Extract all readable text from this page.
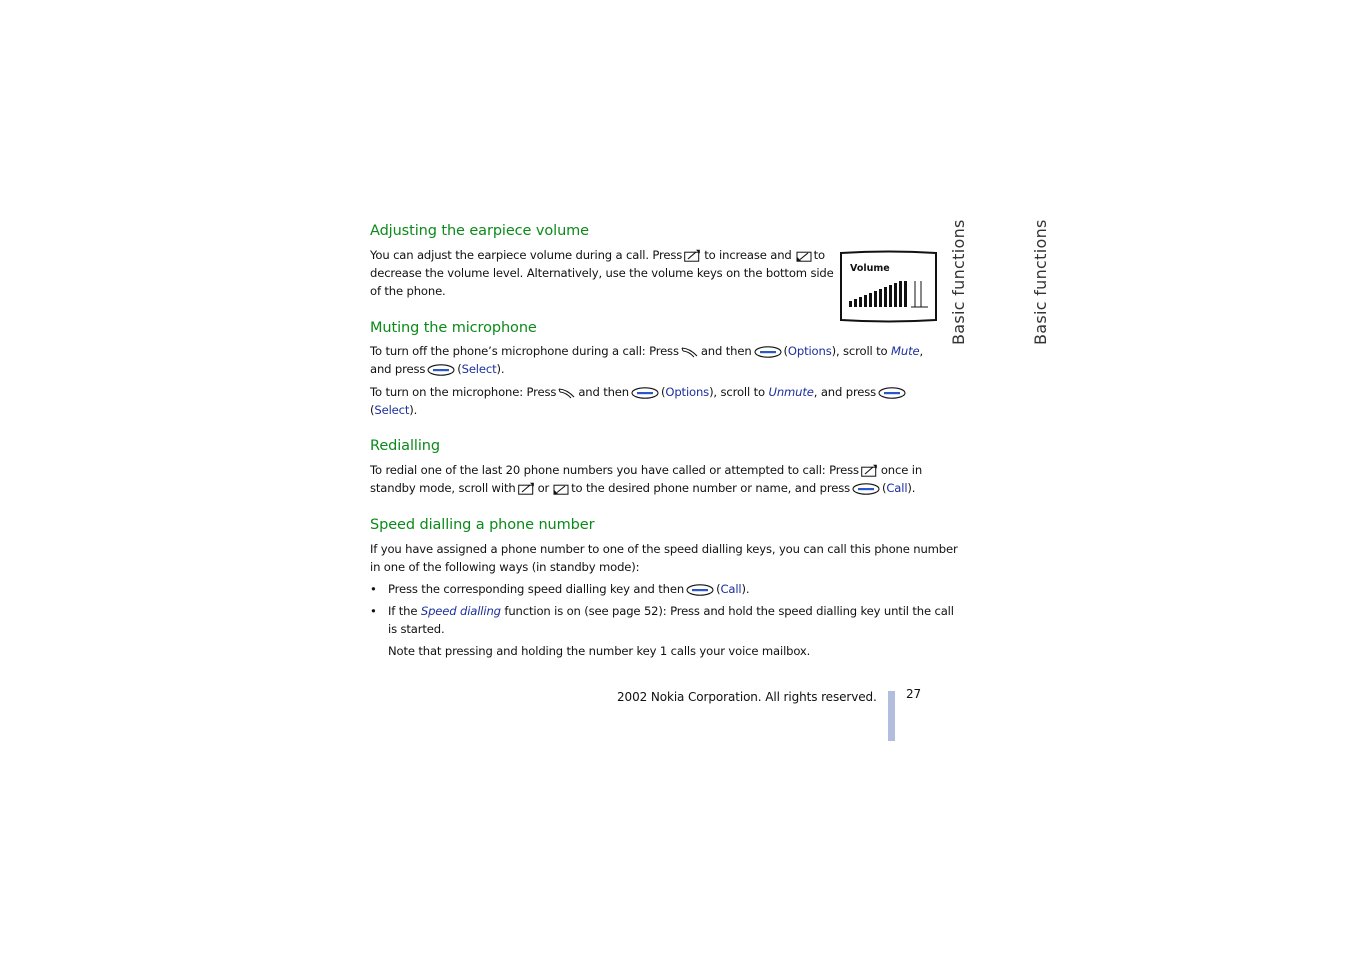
Adjusting the earpiece volume
You can adjust the earpiece volume during a call. Press to increase and to
decrease the volume level. Alternatively, use the volume keys on the bottom side
of the phone.
Volume
Muting the microphone
To turn off the phone’s microphone during a call: Press and then	(Options), scroll to Mute,
and press	(Select).
To turn on the microphone: Press and then	(Options), scroll to Unmute, and press
(Select).
Redialling
To redial one of the last 20 phone numbers you have called or attempted to call: Press once in
standby mode, scroll with or to the desired phone number or name, and press	(Call).
Speed dialling a phone number
If you have assigned a phone number to one of the speed dialling keys, you can call this phone number
in one of the following ways (in standby mode):
• Press the corresponding speed dialling key and then	(Call).
• If the Speed dialling function is on (see page 52): Press and hold the speed dialling key until the call
is started.
Note that pressing and holding the number key 1 calls your voice mailbox.
Basic functions	Basic functions
2002 Nokia Corporation. All rights reserved. 27
